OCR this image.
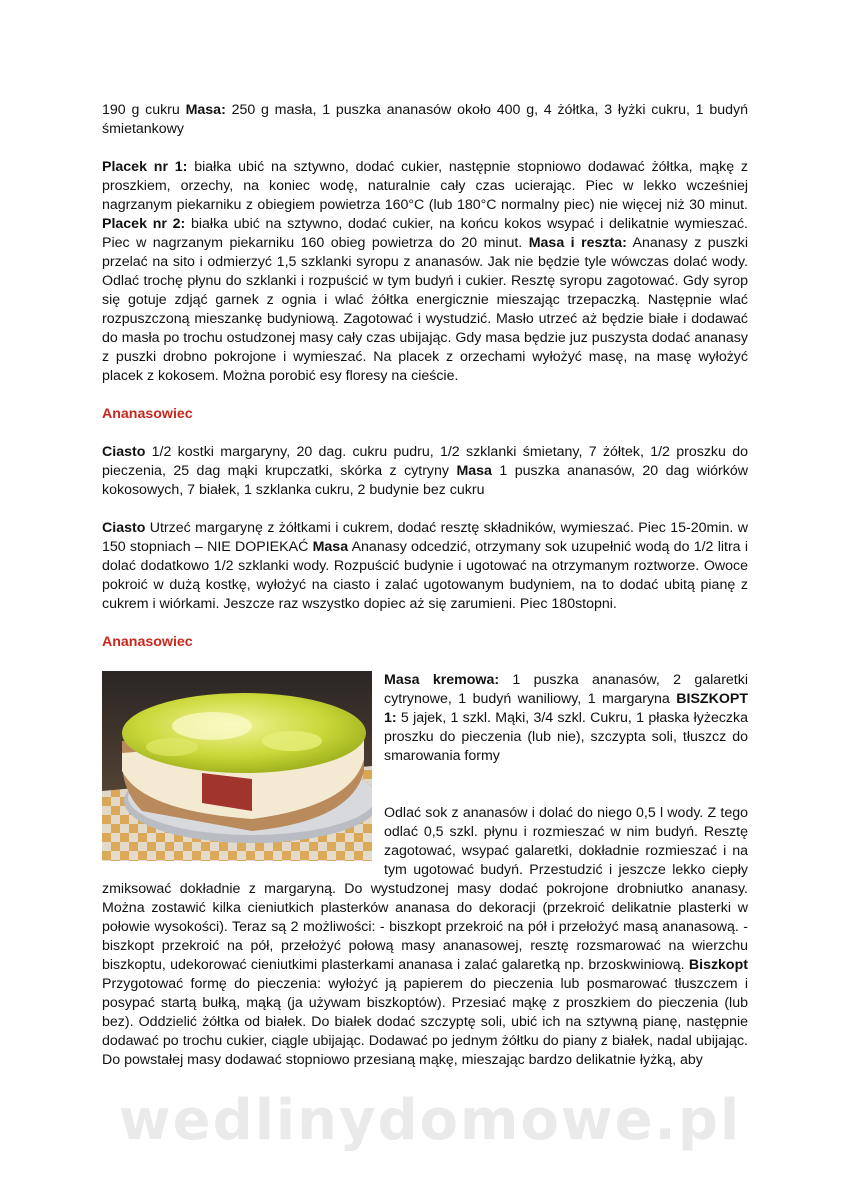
190 g cukru Masa: 250 g masła, 1 puszka ananasów około 400 g, 4 żółtka, 3 łyżki cukru, 1 budyń śmietankowy

Placek nr 1: białka ubić na sztywno, dodać cukier, następnie stopniowo dodawać żółtka, mąkę z proszkiem, orzechy, na koniec wodę, naturalnie cały czas ucierając. Piec w lekko wcześniej nagrzanym piekarniku z obiegiem powietrza 160°C (lub 180°C normalny piec) nie więcej niż 30 minut. Placek nr 2: białka ubić na sztywno, dodać cukier, na końcu kokos wsypać i delikatnie wymieszać. Piec w nagrzanym piekarniku 160 obieg powietrza do 20 minut. Masa i reszta: Ananasy z puszki przelać na sito i odmierzyć 1,5 szklanki syropu z ananasów. Jak nie będzie tyle wówczas dolać wody. Odlać trochę płynu do szklanki i rozpuścić w tym budyń i cukier. Resztę syropu zagotować. Gdy syrop się gotuje zdjąć garnek z ognia i wlać żółtka energicznie mieszając trzepaczką. Następnie wlać rozpuszczoną mieszankę budyniową. Zagotować i wystudzić. Masło utrzeć aż będzie białe i dodawać do masła po trochu ostudzonej masy cały czas ubijając. Gdy masa będzie juz puszysta dodać ananasy z puszki drobno pokrojone i wymieszać. Na placek z orzechami wyłożyć masę, na masę wyłożyć placek z kokosem. Można porobić esy floresy na cieście.

Ananasowiec

Ciasto 1/2 kostki margaryny, 20 dag. cukru pudru, 1/2 szklanki śmietany, 7 żółtek, 1/2 proszku do pieczenia, 25 dag mąki krupczatki, skórka z cytryny Masa 1 puszka ananasów, 20 dag wiórków kokosowych, 7 białek, 1 szklanka cukru, 2 budynie bez cukru

Ciasto Utrzeć margarynę z żółtkami i cukrem, dodać resztę składników, wymieszać. Piec 15-20min. w 150 stopniach – NIE DOPIEKAĆ Masa Ananasy odcedzić, otrzymany sok uzupełnić wodą do 1/2 litra i dolać dodatkowo 1/2 szklanki wody. Rozpuścić budynie i ugotować na otrzymanym roztworze. Owoce pokroić w dużą kostkę, wyłożyć na ciasto i zalać ugotowanym budyniem, na to dodać ubitą pianę z cukrem i wiórkami. Jeszcze raz wszystko dopiec aż się zarumieni. Piec 180stopni.

Ananasowiec

Masa kremowa: 1 puszka ananasów, 2 galaretki cytrynowe, 1 budyń waniliowy, 1 margaryna BISZKOPT 1: 5 jajek, 1 szkl. Mąki, 3/4 szkl. Cukru, 1 płaska łyżeczka proszku do pieczenia (lub nie), szczypta soli, tłuszcz do smarowania formy

Odlać sok z ananasów i dolać do niego 0,5 l wody. Z tego odlać 0,5 szkl. płynu i rozmieszać w nim budyń. Resztę zagotować, wsypać galaretki, dokładnie rozmieszać i na tym ugotować budyń. Przestudzić i jeszcze lekko ciepły zmiksować dokładnie z margaryną. Do wystudzonej masy dodać pokrojone drobniutko ananasy. Można zostawić kilka cieniutkich plasterków ananasa do dekoracji (przekroić delikatnie plasterki w połowie wysokości). Teraz są 2 możliwości: - biszkopt przekroić na pół i przełożyć masą ananasową. - biszkopt przekroić na pół, przełożyć połową masy ananasowej, resztę rozsmarować na wierzchu biszkoptu, udekorować cieniutkimi plasterkami ananasa i zalać galaretką np. brzoskwiniową. Biszkopt Przygotować formę do pieczenia: wyłożyć ją papierem do pieczenia lub posmarować tłuszczem i posypać startą bułką, mąką (ja używam biszkoptów). Przesiać mąkę z proszkiem do pieczenia (lub bez). Oddzielić żółtka od białek. Do białek dodać szczyptę soli, ubić ich na sztywną pianę, następnie dodawać po trochu cukier, ciągle ubijając. Dodawać po jednym żółtku do piany z białek, nadal ubijając. Do powstałej masy dodawać stopniowo przesianą mąkę, mieszając bardzo delikatnie łyżką, aby

wedlinydomowe.pl
